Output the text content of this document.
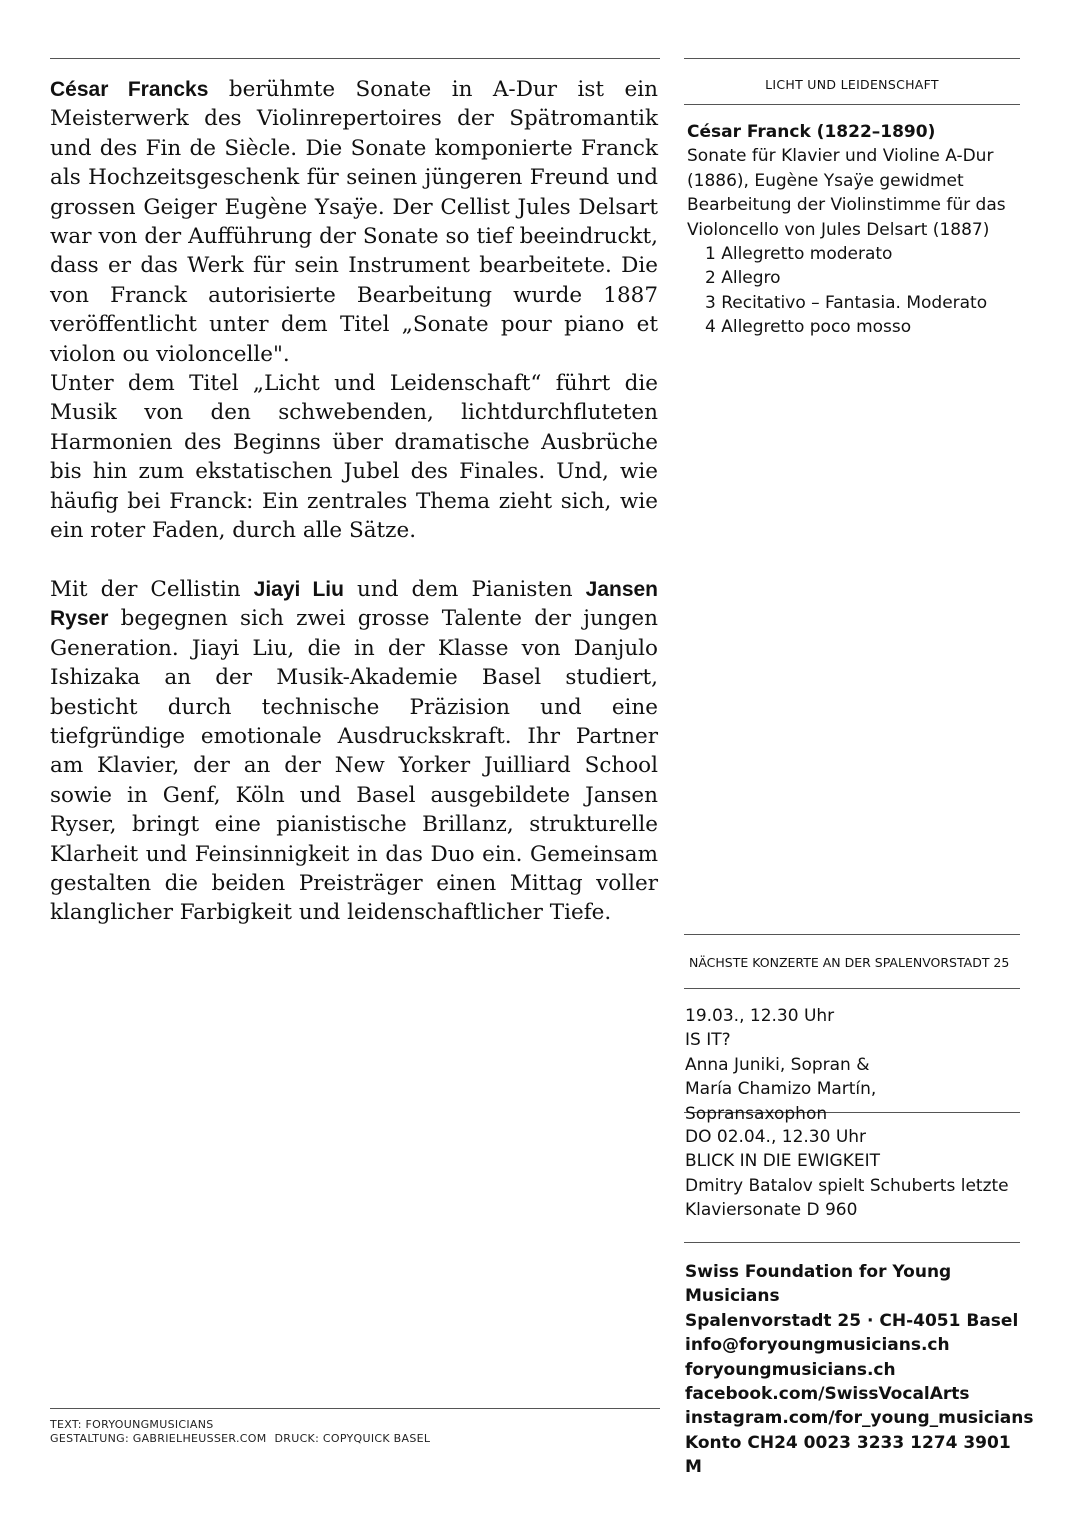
César Francks berühmte Sonate in A-Dur ist ein Meisterwerk des Violinrepertoires der Spätromantik und des Fin de Siècle. Die Sonate komponierte Franck als Hochzeitsgeschenk für seinen jüngeren Freund und grossen Geiger Eugène Ysaÿe. Der Cellist Jules Delsart war von der Aufführung der Sonate so tief beeindruckt, dass er das Werk für sein Instrument bearbeitete. Die von Franck autorisierte Bearbeitung wurde 1887 veröffentlicht unter dem Titel „Sonate pour piano et violon ou violoncelle".

Unter dem Titel „Licht und Leidenschaft“ führt die Musik von den schwebenden, lichtdurchfluteten Harmonien des Beginns über dramatische Ausbrüche bis hin zum ekstatischen Jubel des Finales. Und, wie häufig bei Franck: Ein zentrales Thema zieht sich, wie ein roter Faden, durch alle Sätze.

Mit der Cellistin Jiayi Liu und dem Pianisten Jansen Ryser begegnen sich zwei grosse Talente der jungen Generation. Jiayi Liu, die in der Klasse von Danjulo Ishizaka an der Musik-Akademie Basel studiert, besticht durch technische Präzision und eine tiefgründige emotionale Ausdruckskraft. Ihr Partner am Klavier, der an der New Yorker Juilliard School sowie in Genf, Köln und Basel ausgebildete Jansen Ryser, bringt eine pianistische Brillanz, strukturelle Klarheit und Feinsinnigkeit in das Duo ein. Gemeinsam gestalten die beiden Preisträger einen Mittag voller klanglicher Farbigkeit und leidenschaftlicher Tiefe.

LICHT UND LEIDENSCHAFT
César Franck (1822–1890)
Sonate für Klavier und Violine A-Dur
(1886), Eugène Ysaÿe gewidmet
Bearbeitung der Violinstimme für das
Violoncello von Jules Delsart (1887)
1 Allegretto moderato
2 Allegro
3 Recitativo – Fantasia. Moderato
4 Allegretto poco mosso
NÄCHSTE KONZERTE AN DER SPALENVORSTADT 25
19.03., 12.30 Uhr
IS IT?
Anna Juniki, Sopran &
María Chamizo Martín, Sopransaxophon
DO 02.04., 12.30 Uhr
BLICK IN DIE EWIGKEIT
Dmitry Batalov spielt Schuberts letzte
Klaviersonate D 960
Swiss Foundation for Young Musicians
Spalenvorstadt 25 · CH-4051 Basel
info@foryoungmusicians.ch
foryoungmusicians.ch
facebook.com/SwissVocalArts
instagram.com/for_young_musicians
Konto CH24 0023 3233 1274 3901 M
TEXT: FORYOUNGMUSICIANS
GESTALTUNG: GABRIELHEUSSER.COM DRUCK: COPYQUICK BASEL
